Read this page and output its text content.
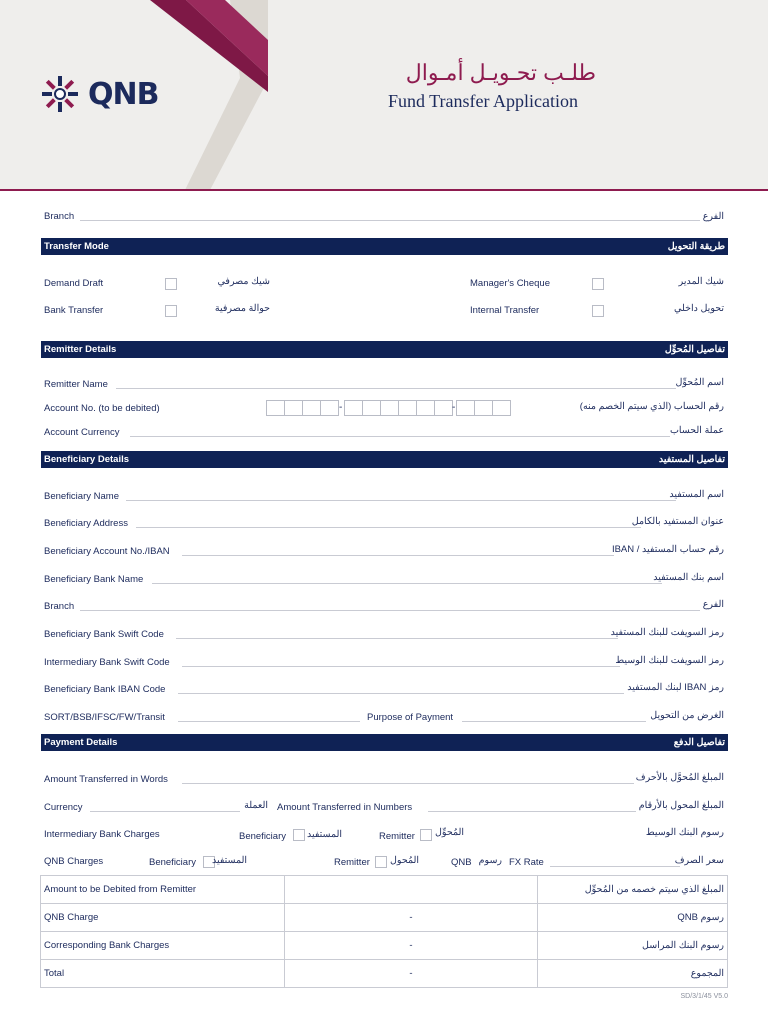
QNB
طلـب تحـويـل أمـوال
Fund Transfer Application
Branch	الفرع
Transfer Mode	طريقة التحويل
Demand Draft	شيك مصرفي	Manager's Cheque	شيك المدير
Bank Transfer	حوالة مصرفية	Internal Transfer	تحويل داخلي
Remitter Details	تفاصيل المُحوِّل
Remitter Name	اسم المُحوِّل
Account No. (to be debited)	-	-	رقم الحساب (الذي سيتم الخصم منه)
Account Currency	عملة الحساب
Beneficiary Details	تفاصيل المستفيد
Beneficiary Name	اسم المستفيد
Beneficiary Address	عنوان المستفيد بالكامل
Beneficiary Account No./IBAN	رقم حساب المستفيد / IBAN
Beneficiary Bank Name	اسم بنك المستفيد
Branch	الفرع
Beneficiary Bank Swift Code	رمز السويفت للبنك المستفيد
Intermediary Bank Swift Code	رمز السويفت للبنك الوسيط
Beneficiary Bank IBAN Code	رمز IBAN لبنك المستفيد
SORT/BSB/IFSC/FW/Transit	Purpose of Payment	الغرض من التحويل
Payment Details	تفاصيل الدفع
Amount Transferred in Words	المبلغ المُحوَّل بالأحرف
Currency	العملة Amount Transferred in Numbers	المبلغ المحول بالأرقام
Intermediary Bank Charges	Beneficiary	المستفيد	Remitter	المُحوِّل	رسوم البنك الوسيط
QNB Charges	Beneficiary	المستفيد	Remitter	المُحول	QNB رسوم FX Rate	سعر الصرف
Amount to be Debited from Remitter		المبلغ الذي سيتم خصمه من المُحوِّل
QNB Charge	-	رسوم QNB
Corresponding Bank Charges	-	رسوم البنك المراسل
Total	-	المجموع
SD/3/1/45 V5.0
